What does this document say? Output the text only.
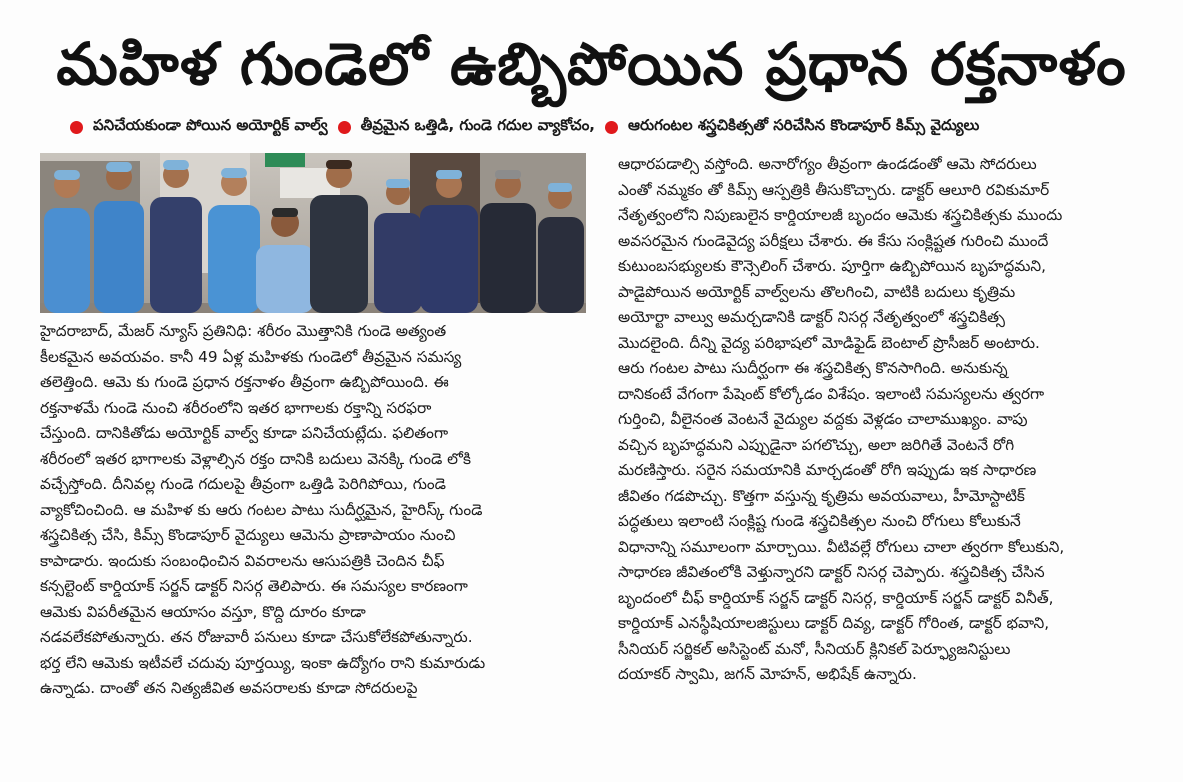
మహిళ గుండెలో ఉబ్బిపోయిన ప్రధాన రక్తనాళం
పనిచేయకుండా పోయిన అయోర్టిక్ వాల్వ్ తీవ్రమైన ఒత్తిడి, గుండె గదుల వ్యాకోచం, ఆరుగంటల శస్త్రచికిత్సతో సరిచేసిన కొండాపూర్ కిమ్స్ వైద్యులు
హైదరాబాద్, మేజర్ న్యూస్ ప్రతినిధి: శరీరం మొత్తానికి గుండె అత్యంత
కీలకమైన అవయవం. కానీ 49 ఏళ్ల మహిళకు గుండెలో తీవ్రమైన సమస్య
తలెత్తింది. ఆమె కు గుండె ప్రధాన రక్తనాళం తీవ్రంగా ఉబ్బిపోయింది. ఈ
రక్తనాళమే గుండె నుంచి శరీరంలోని ఇతర భాగాలకు రక్తాన్ని సరఫరా
చేస్తుంది. దానికితోడు అయోర్టిక్ వాల్వ్ కూడా పనిచేయట్లేదు. ఫలితంగా
శరీరంలో ఇతర భాగాలకు వెళ్లాల్సిన రక్తం దానికి బదులు వెనక్కి గుండె లోకి
వచ్చేస్తోంది. దీనివల్ల గుండె గదులపై తీవ్రంగా ఒత్తిడి పెరిగిపోయి, గుండె
వ్యాకోచించింది. ఆ మహిళ కు ఆరు గంటల పాటు సుదీర్ఘమైన, హైరిస్క్ గుండె
శస్త్రచికిత్స చేసి, కిమ్స్ కొండాపూర్ వైద్యులు ఆమెను ప్రాణాపాయం నుంచి
కాపాడారు. ఇందుకు సంబంధించిన వివరాలను ఆసుపత్రికి చెందిన చీఫ్
కన్సల్టెంట్ కార్డియాక్ సర్జన్ డాక్టర్ నిసర్గ తెలిపారు. ఈ సమస్యల కారణంగా
ఆమెకు విపరీతమైన ఆయాసం వస్తూ, కొద్ది దూరం కూడా
నడవలేకపోతున్నారు. తన రోజువారీ పనులు కూడా చేసుకోలేకపోతున్నారు.
భర్త లేని ఆమెకు ఇటీవలే చదువు పూర్తయ్యి, ఇంకా ఉద్యోగం రాని కుమారుడు
ఉన్నాడు. దాంతో తన నిత్యజీవిత అవసరాలకు కూడా సోదరులపై
ఆధారపడాల్సి వస్తోంది. అనారోగ్యం తీవ్రంగా ఉండడంతో ఆమె సోదరులు
ఎంతో నమ్మకం తో కిమ్స్ ఆస్పత్రికి తీసుకొచ్చారు. డాక్టర్ ఆలూరి రవికుమార్
నేతృత్వంలోని నిపుణులైన కార్డియాలజీ బృందం ఆమెకు శస్త్రచికిత్సకు ముందు
అవసరమైన గుండెవైద్య పరీక్షలు చేశారు. ఈ కేసు సంక్లిష్టత గురించి ముందే
కుటుంబసభ్యులకు కౌన్సెలింగ్ చేశారు. పూర్తిగా ఉబ్బిపోయిన బృహద్ధమని,
పాడైపోయిన అయోర్టిక్ వాల్వ్‌లను తొలగించి, వాటికి బదులు కృత్రిమ
అయోర్టా వాల్వు అమర్చడానికి డాక్టర్ నిసర్గ నేతృత్వంలో శస్త్రచికిత్స
మొదలైంది. దీన్ని వైద్య పరిభాషలో మోడిఫైడ్ బెంటాల్ ప్రొసీజర్ అంటారు.
ఆరు గంటల పాటు సుదీర్ఘంగా ఈ శస్త్రచికిత్స కొనసాగింది. అనుకున్న
దానికంటే వేగంగా పేషెంట్ కోల్కోడం విశేషం. ఇలాంటి సమస్యలను త్వరగా
గుర్తించి, వీలైనంత వెంటనే వైద్యుల వద్దకు వెళ్లడం చాలాముఖ్యం. వాపు
వచ్చిన బృహద్ధమని ఎప్పుడైనా పగలొచ్చు, అలా జరిగితే వెంటనే రోగి
మరణిస్తారు. సరైన సమయానికి మార్చడంతో రోగి ఇప్పుడు ఇక సాధారణ
జీవితం గడపొచ్చు. కొత్తగా వస్తున్న కృత్రిమ అవయవాలు, హీమోస్టాటిక్
పద్ధతులు ఇలాంటి సంక్లిష్ట గుండె శస్త్రచికిత్సల నుంచి రోగులు కోలుకునే
విధానాన్ని సమూలంగా మార్చాయి. వీటివల్లే రోగులు చాలా త్వరగా కోలుకుని,
సాధారణ జీవితంలోకి వెళ్తున్నారని డాక్టర్ నిసర్గ చెప్పారు. శస్త్రచికిత్స చేసిన
బృందంలో చీఫ్ కార్డియాక్ సర్జన్ డాక్టర్ నిసర్గ, కార్డియాక్ సర్జన్ డాక్టర్ వినీత్,
కార్డియాక్ ఎనస్థీషియాలజిస్టులు డాక్టర్ దివ్య, డాక్టర్ గోరింత, డాక్టర్ భవాని,
సీనియర్ సర్జికల్ అసిస్టెంట్ మనో, సీనియర్ క్లినికల్ పెర్ఫ్యూజనిస్టులు
దయాకర్ స్వామి, జగన్ మోహన్, అభిషేక్ ఉన్నారు.
